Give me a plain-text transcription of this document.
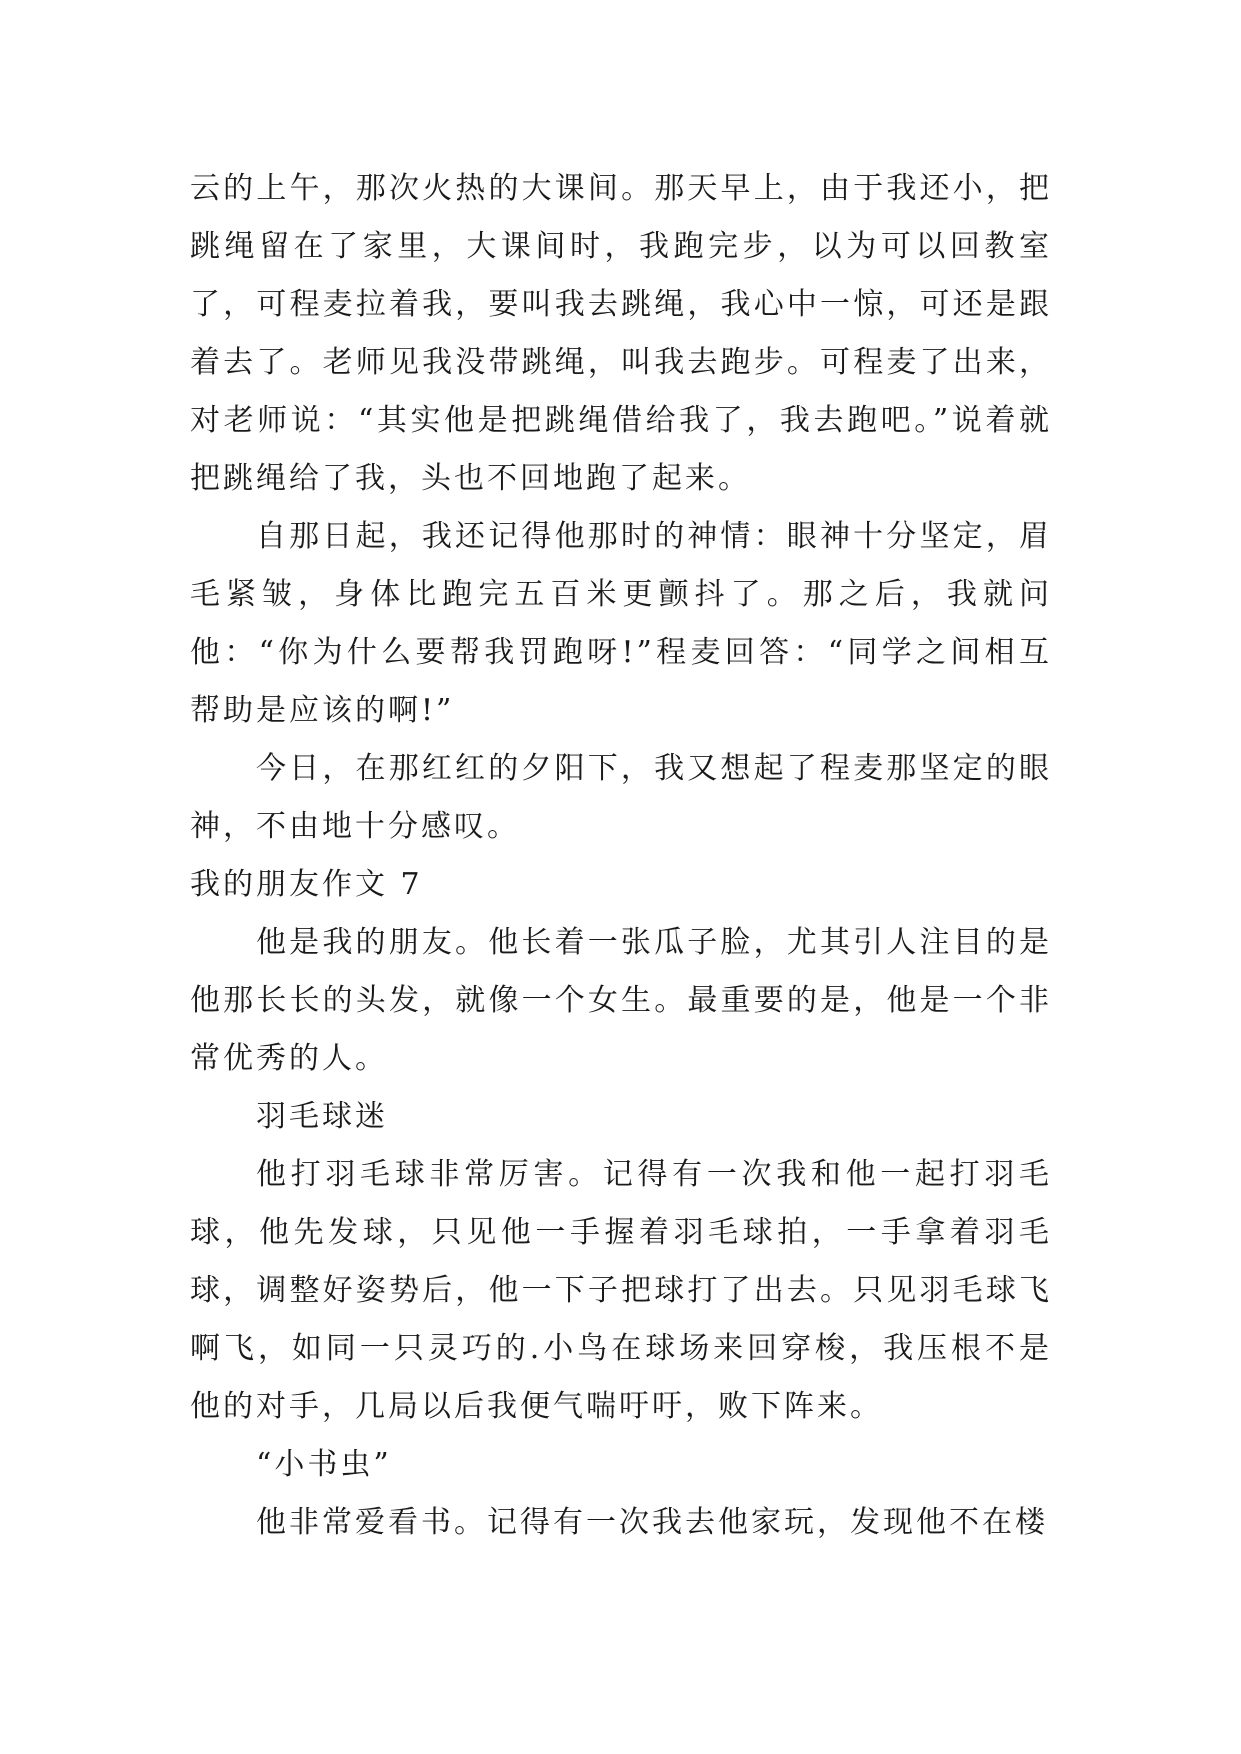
云的上午，那次火热的大课间。那天早上，由于我还小，把跳绳留在了家里，大课间时，我跑完步，以为可以回教室了，可程麦拉着我，要叫我去跳绳，我心中一惊，可还是跟着去了。老师见我没带跳绳，叫我去跑步。可程麦了出来，对老师说：“其实他是把跳绳借给我了，我去跑吧。”说着就把跳绳给了我，头也不回地跑了起来。

自那日起，我还记得他那时的神情：眼神十分坚定，眉毛紧皱，身体比跑完五百米更颤抖了。那之后，我就问他：“你为什么要帮我罚跑呀!”程麦回答：“同学之间相互帮助是应该的啊!”

今日，在那红红的夕阳下，我又想起了程麦那坚定的眼神，不由地十分感叹。

我的朋友作文 7

他是我的朋友。他长着一张瓜子脸，尤其引人注目的是他那长长的头发，就像一个女生。最重要的是，他是一个非常优秀的人。

羽毛球迷

他打羽毛球非常厉害。记得有一次我和他一起打羽毛球，他先发球，只见他一手握着羽毛球拍，一手拿着羽毛球，调整好姿势后，他一下子把球打了出去。只见羽毛球飞啊飞，如同一只灵巧的.小鸟在球场来回穿梭，我压根不是他的对手，几局以后我便气喘吁吁，败下阵来。

“小书虫”

他非常爱看书。记得有一次我去他家玩，发现他不在楼
